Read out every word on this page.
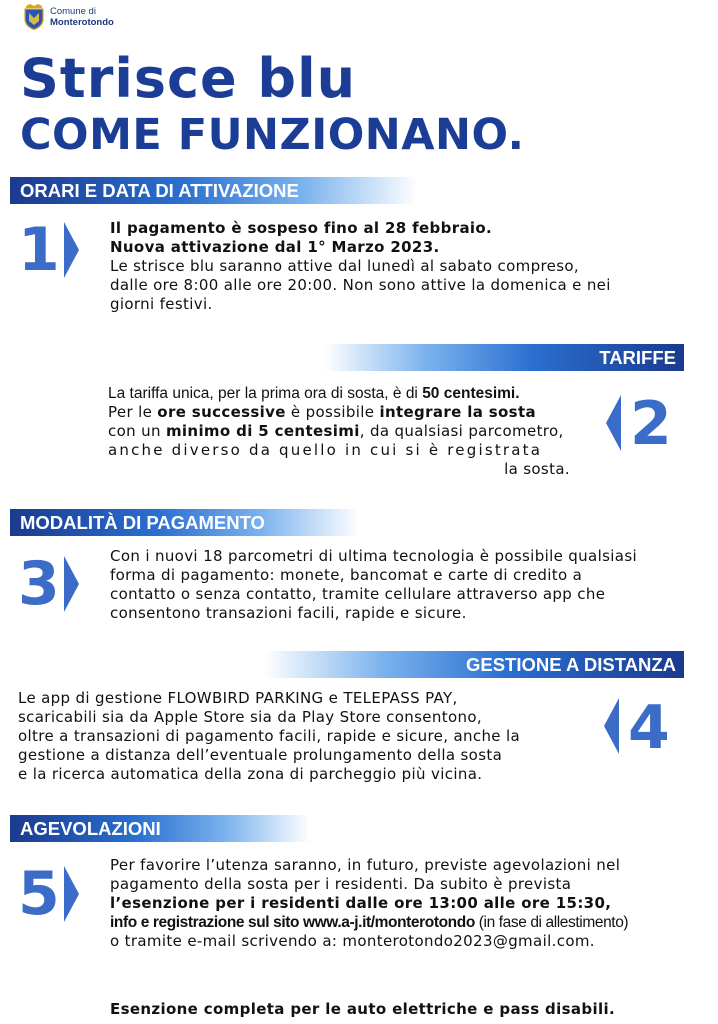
Comune di
Monterotondo
Strisce blu
COME FUNZIONANO.
ORARI E DATA DI ATTIVAZIONE
1	Il pagamento è sospeso fino al 28 febbraio.
Nuova attivazione dal 1° Marzo 2023.
Le strisce blu saranno attive dal lunedì al sabato compreso,
dalle ore 8:00 alle ore 20:00. Non sono attive la domenica e nei
giorni festivi.
TARIFFE
La tariffa unica, per la prima ora di sosta, è di 50 centesimi.
Per le ore successive è possibile integrare la sosta
con un minimo di 5 centesimi, da qualsiasi parcometro,
anche diverso da quello in cui si è registrata
la sosta.
2
MODALITÀ DI PAGAMENTO
3	Con i nuovi 18 parcometri di ultima tecnologia è possibile qualsiasi
forma di pagamento: monete, bancomat e carte di credito a
contatto o senza contatto, tramite cellulare attraverso app che
consentono transazioni facili, rapide e sicure.
GESTIONE A DISTANZA
Le app di gestione FLOWBIRD PARKING e TELEPASS PAY,
scaricabili sia da Apple Store sia da Play Store consentono,
oltre a transazioni di pagamento facili, rapide e sicure, anche la
gestione a distanza dell’eventuale prolungamento della sosta
e la ricerca automatica della zona di parcheggio più vicina.
4
AGEVOLAZIONI
5	Per favorire l’utenza saranno, in futuro, previste agevolazioni nel
pagamento della sosta per i residenti. Da subito è prevista
l’esenzione per i residenti dalle ore 13:00 alle ore 15:30,
info e registrazione sul sito www.a-j.it/monterotondo (in fase di allestimento)
o tramite e-mail scrivendo a: monterotondo2023@gmail.com.
Esenzione completa per le auto elettriche e pass disabili.
